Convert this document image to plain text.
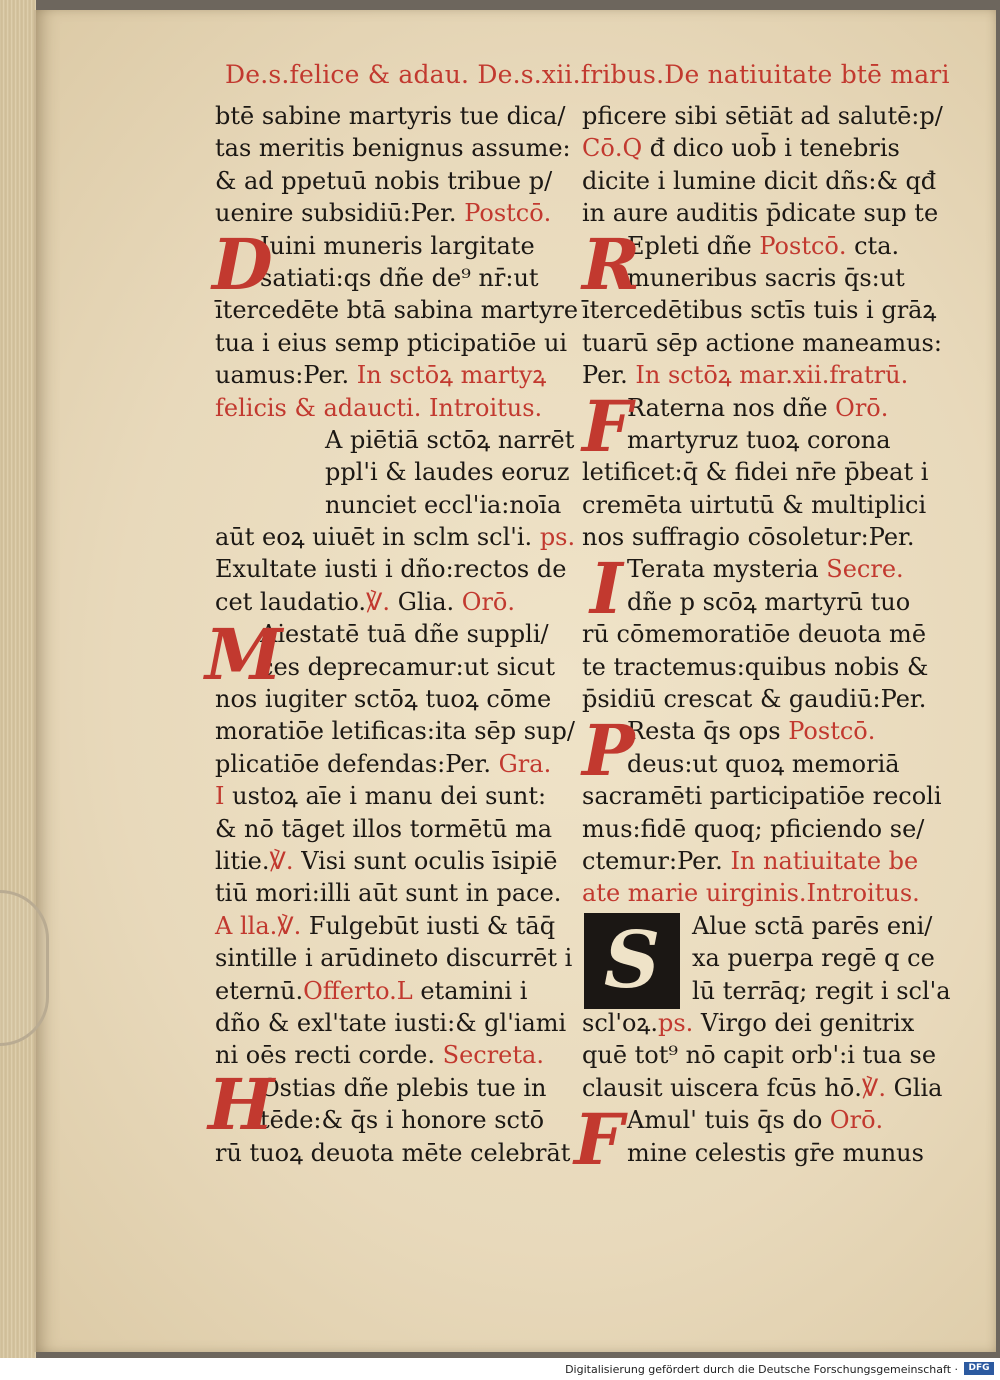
De.s.felice & adau. De.s.xii.fribus.De natiuitate btē mari
btē sabine martyris tue dica/
tas meritis benignus assume:
& ad ppetuū nobis tribue p/
uenire subsidiū:Per. Postcō.
Iuini muneris largitate
satiati:qs dñe de⁹ nr̄:ut
ītercedēte btā sabina martyre
tua i eius semp pticipatiōe ui
uamus:Per. In sctōꝝ martyꝝ
felicis & adaucti. Introitus.
A piētiā sctōꝝ narrēt
ppl'i & laudes eoruz
nunciet eccl'ia:noīa
aūt eoꝝ uiuēt in sclm scl'i. ps.
Exultate iusti i dño:rectos de
cet laudatio.℣. Glia. Orō.
Aiestatē tuā dñe suppli/
ces deprecamur:ut sicut
nos iugiter sctōꝝ tuoꝝ cōme
moratiōe letificas:ita sēp sup/
plicatiōe defendas:Per. Gra.
I ustoꝝ aīe i manu dei sunt:
& nō tāget illos tormētū ma
litie.℣. Visi sunt oculis īsipiē
tiū mori:illi aūt sunt in pace.
A lla.℣. Fulgebūt iusti & tāq̄
sintille i arūdineto discurrēt i
eternū.Offerto.L etamini i
dño & exl'tate iusti:& gl'iami
ni oēs recti corde. Secreta.
Ostias dñe plebis tue in
tēde:& q̄s i honore sctō
rū tuoꝝ deuota mēte celebrāt
pficere sibi sētiāt ad salutē:p/
Cō.Q đ dico uob̄ i tenebris
dicite i lumine dicit dñs:& qđ
in aure auditis p̄dicate sup te
Epleti dñe Postcō. cta.
muneribus sacris q̄s:ut
ītercedētibus sctīs tuis i grāꝝ
tuarū sēp actione maneamus:
Per. In sctōꝝ mar.xii.fratrū.
Raterna nos dñe Orō.
martyruz tuoꝝ corona
letificet:q̄ & fidei nr̄e p̄beat i
cremēta uirtutū & multiplici
nos suffragio cōsoletur:Per.
Terata mysteria Secre.
dñe p scōꝝ martyrū tuo
rū cōmemoratiōe deuota mē
te tractemus:quibus nobis &
p̄sidiū crescat & gaudiū:Per.
Resta q̄s ops Postcō.
deus:ut quoꝝ memoriā
sacramēti participatiōe recoli
mus:fidē quoq; pficiendo se/
ctemur:Per. In natiuitate be
ate marie uirginis.Introitus.
Alue sctā parēs eni/
xa puerpa regē q ce
lū terrāq; regit i scl'a
scl'oꝝ.ps. Virgo dei genitrix
quē tot⁹ nō capit orb':i tua se
clausit uiscera fcūs hō.℣. Glia
Amul' tuis q̄s do Orō.
mine celestis gr̄e munus
D
M
H
R
F
I
P
S
F
Digitalisierung gefördert durch die Deutsche Forschungsgemeinschaft ·	DFG
